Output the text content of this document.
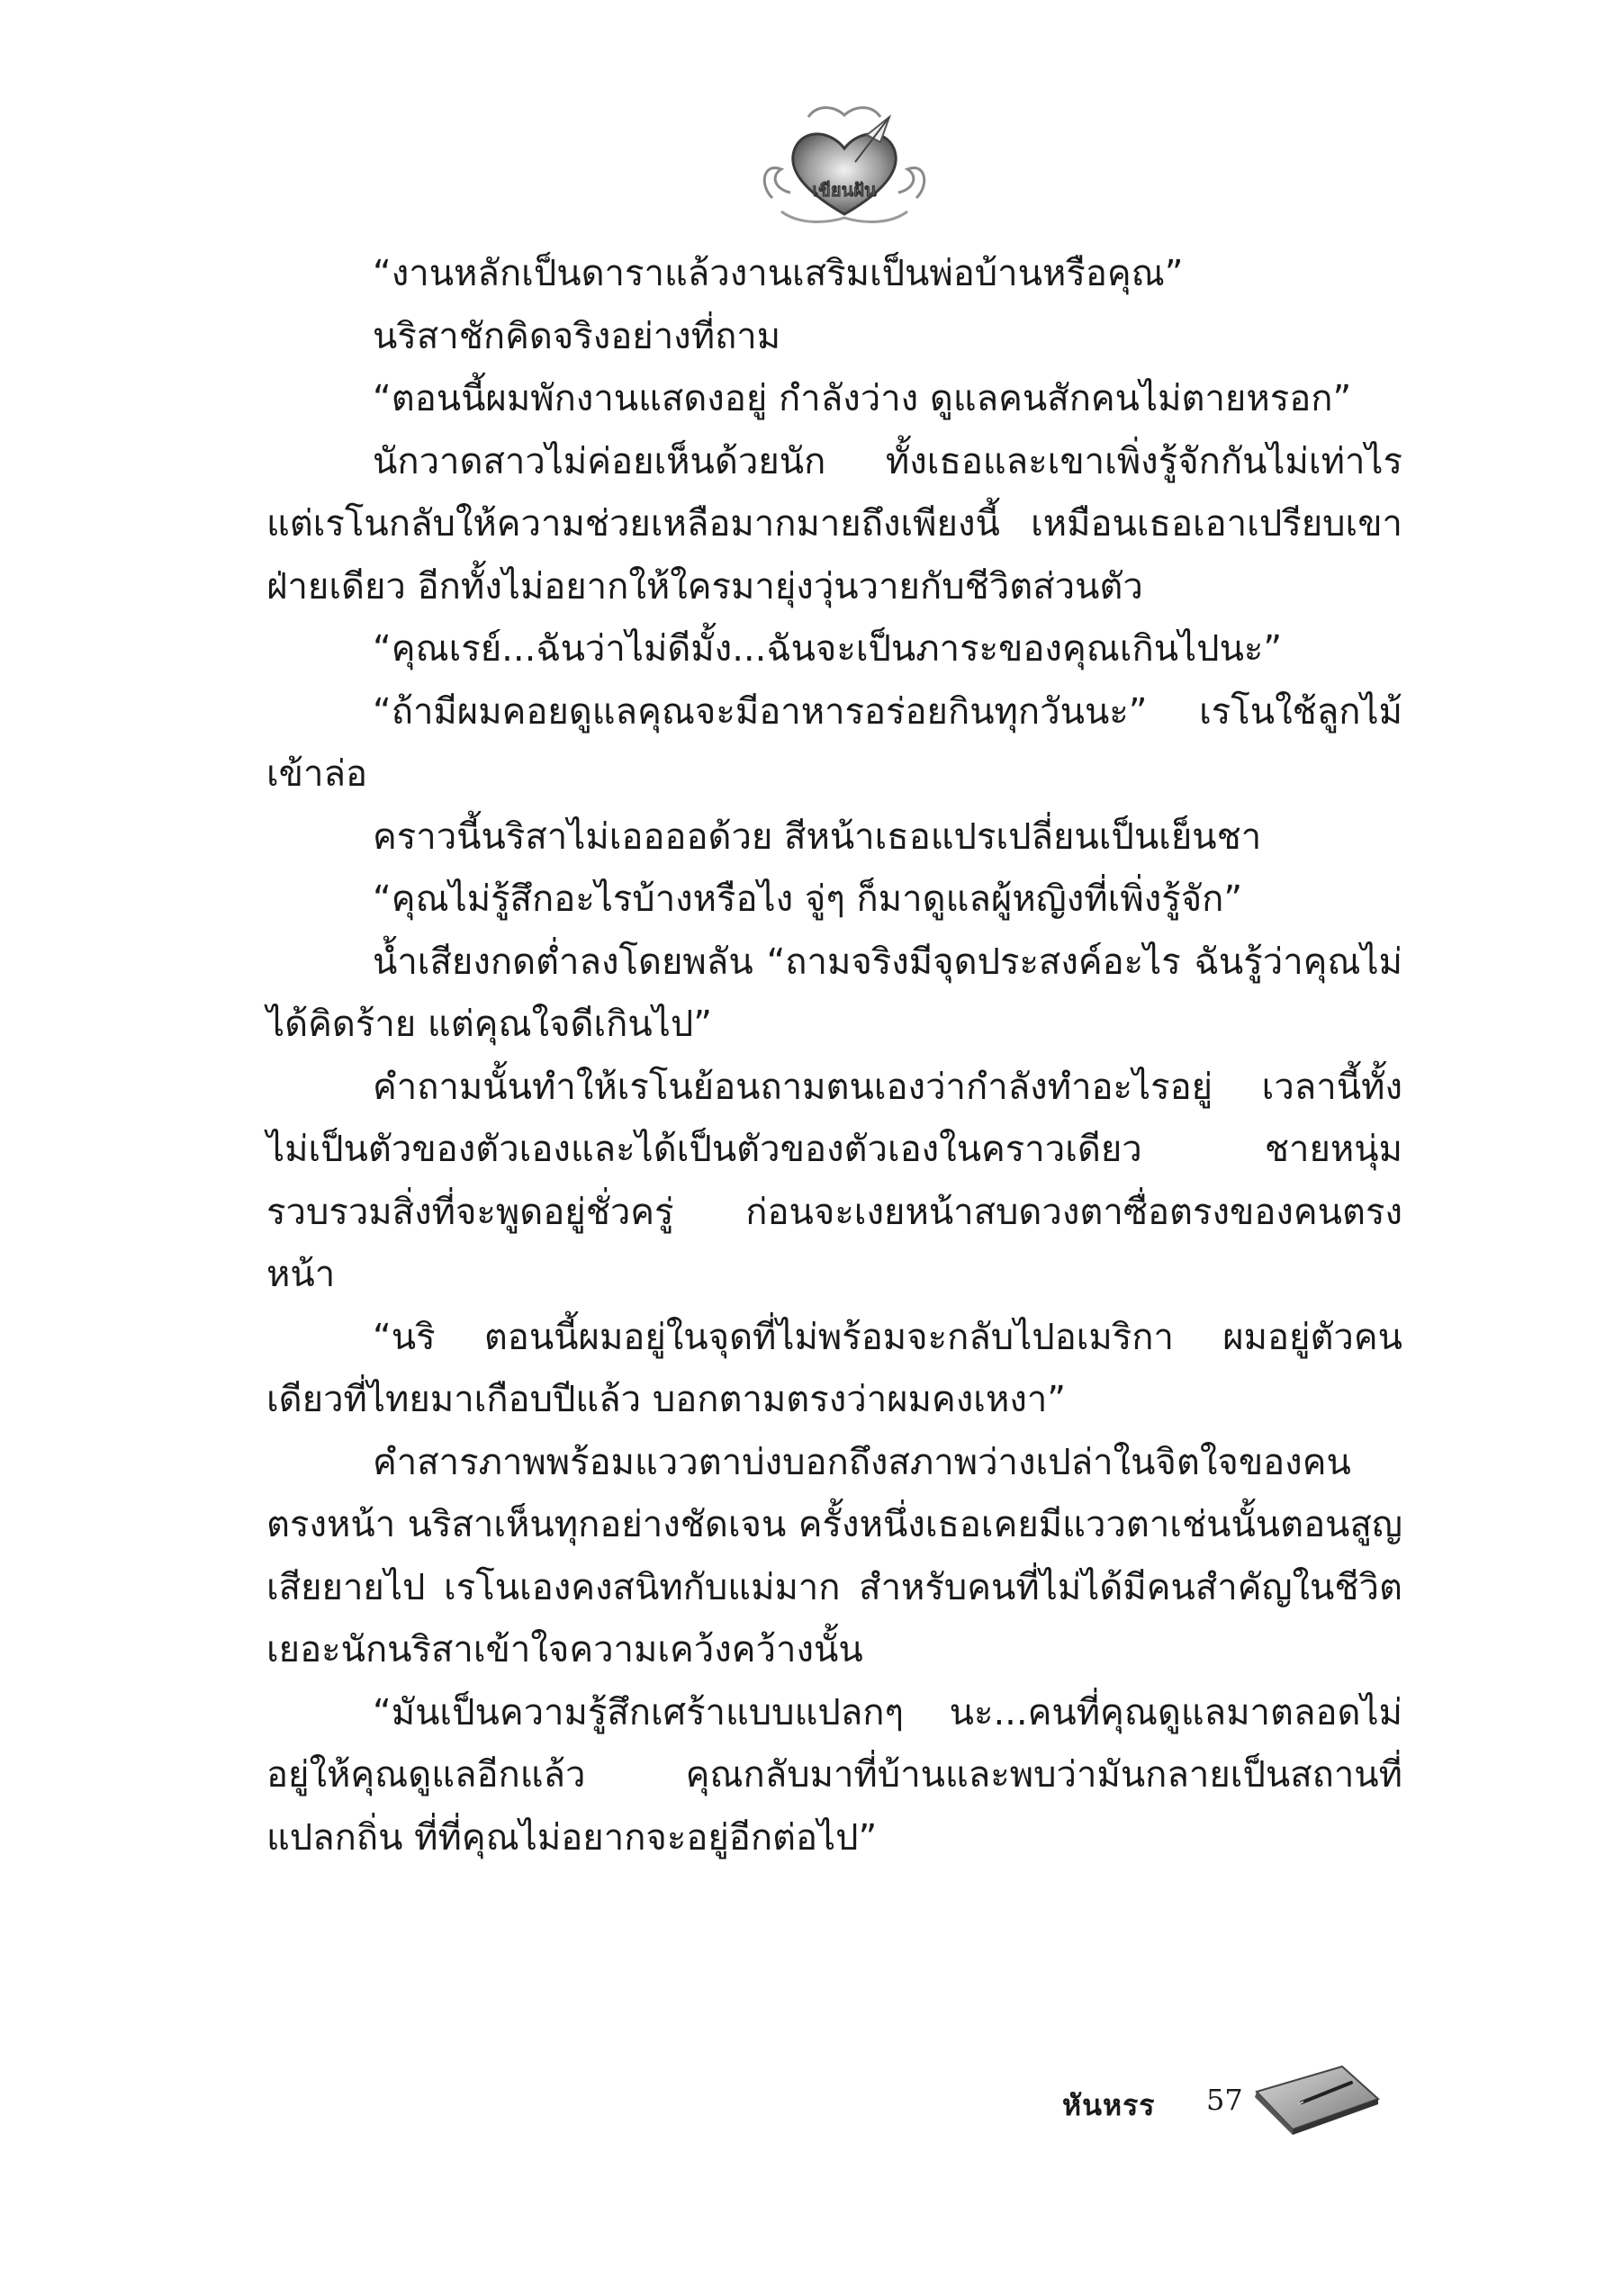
เขียนฝัน

“งานหลักเป็นดาราแล้วงานเสริมเป็นพ่อบ้านหรือคุณ”

นริสาชักคิดจริงอย่างที่ถาม

“ตอนนี้ผมพักงานแสดงอยู่ กำลังว่าง ดูแลคนสักคนไม่ตายหรอก”

นักวาดสาวไม่ค่อยเห็นด้วยนัก ทั้งเธอและเขาเพิ่งรู้จักกันไม่เท่าไร แต่เรโนกลับให้ความช่วยเหลือมากมายถึงเพียงนี้ เหมือนเธอเอาเปรียบเขาฝ่ายเดียว อีกทั้งไม่อยากให้ใครมายุ่งวุ่นวายกับชีวิตส่วนตัว

“คุณเรย์...ฉันว่าไม่ดีมั้ง...ฉันจะเป็นภาระของคุณเกินไปนะ”

“ถ้ามีผมคอยดูแลคุณจะมีอาหารอร่อยกินทุกวันนะ” เรโนใช้ลูกไม้เข้าล่อ

คราวนี้นริสาไม่เออออด้วย สีหน้าเธอแปรเปลี่ยนเป็นเย็นชา

“คุณไม่รู้สึกอะไรบ้างหรือไง จู่ๆ ก็มาดูแลผู้หญิงที่เพิ่งรู้จัก”

น้ำเสียงกดต่ำลงโดยพลัน “ถามจริงมีจุดประสงค์อะไร ฉันรู้ว่าคุณไม่ได้คิดร้าย แต่คุณใจดีเกินไป”

คำถามนั้นทำให้เรโนย้อนถามตนเองว่ากำลังทำอะไรอยู่ เวลานี้ทั้งไม่เป็นตัวของตัวเองและได้เป็นตัวของตัวเองในคราวเดียว ชายหนุ่มรวบรวมสิ่งที่จะพูดอยู่ชั่วครู่ ก่อนจะเงยหน้าสบดวงตาซื่อตรงของคนตรงหน้า

“นริ ตอนนี้ผมอยู่ในจุดที่ไม่พร้อมจะกลับไปอเมริกา ผมอยู่ตัวคนเดียวที่ไทยมาเกือบปีแล้ว บอกตามตรงว่าผมคงเหงา”

คำสารภาพพร้อมแววตาบ่งบอกถึงสภาพว่างเปล่าในจิตใจของคนตรงหน้า นริสาเห็นทุกอย่างชัดเจน ครั้งหนึ่งเธอเคยมีแววตาเช่นนั้นตอนสูญเสียยายไป เรโนเองคงสนิทกับแม่มาก สำหรับคนที่ไม่ได้มีคนสำคัญในชีวิตเยอะนักนริสาเข้าใจความเคว้งคว้างนั้น

“มันเป็นความรู้สึกเศร้าแบบแปลกๆ นะ...คนที่คุณดูแลมาตลอดไม่อยู่ให้คุณดูแลอีกแล้ว คุณกลับมาที่บ้านและพบว่ามันกลายเป็นสถานที่แปลกถิ่น ที่ที่คุณไม่อยากจะอยู่อีกต่อไป”

หันหรร 57
